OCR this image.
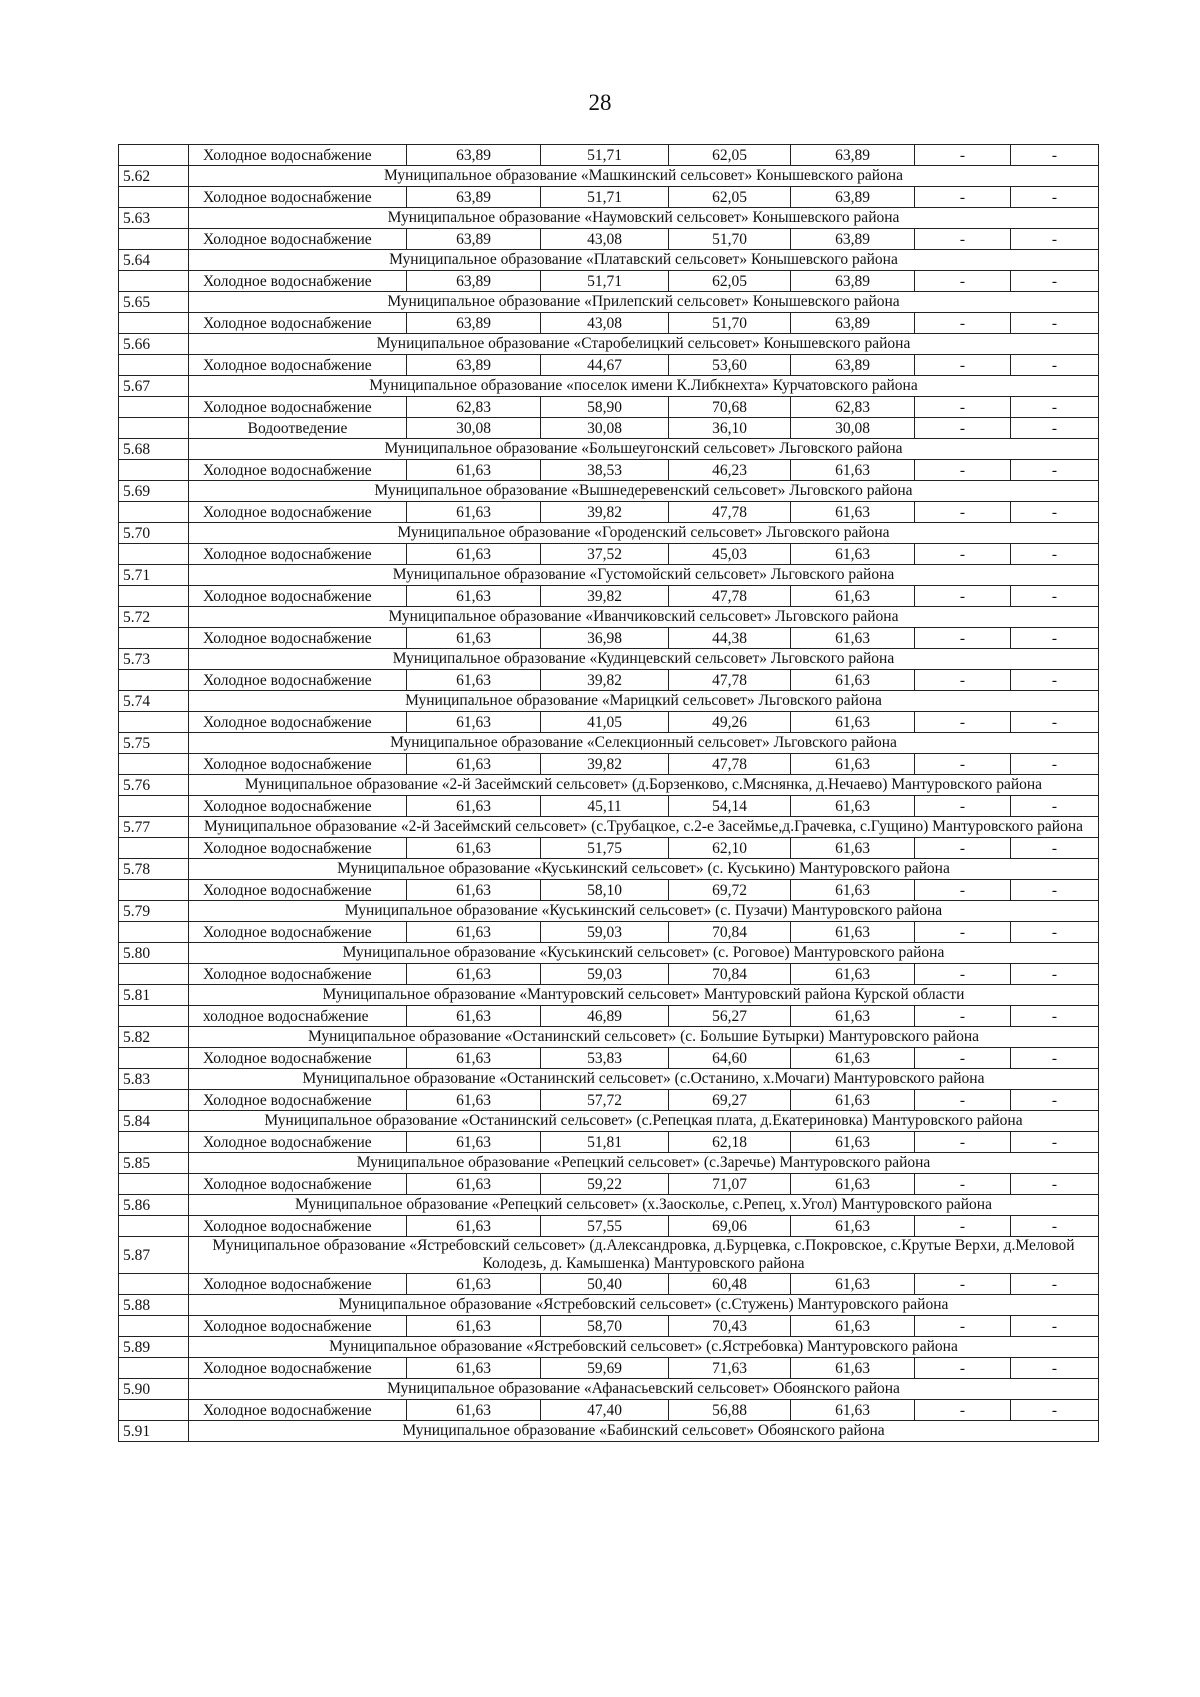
28
	Холодное водоснабжение	63,89	51,71	62,05	63,89	-	-
5.62	Муниципальное образование «Машкинский сельсовет» Конышевского района						
	Холодное водоснабжение	63,89	51,71	62,05	63,89	-	-
5.63	Муниципальное образование «Наумовский сельсовет» Конышевского района						
	Холодное водоснабжение	63,89	43,08	51,70	63,89	-	-
5.64	Муниципальное образование «Платавский сельсовет» Конышевского района						
	Холодное водоснабжение	63,89	51,71	62,05	63,89	-	-
5.65	Муниципальное образование «Прилепский сельсовет» Конышевского района						
	Холодное водоснабжение	63,89	43,08	51,70	63,89	-	-
5.66	Муниципальное образование «Старобелицкий сельсовет» Конышевского района						
	Холодное водоснабжение	63,89	44,67	53,60	63,89	-	-
5.67	Муниципальное образование «поселок имени К.Либкнехта» Курчатовского района						
	Холодное водоснабжение	62,83	58,90	70,68	62,83	-	-
	Водоотведение	30,08	30,08	36,10	30,08	-	-
5.68	Муниципальное образование «Большеугонский сельсовет» Льговского района						
	Холодное водоснабжение	61,63	38,53	46,23	61,63	-	-
5.69	Муниципальное образование «Вышнедеревенский сельсовет» Льговского района						
	Холодное водоснабжение	61,63	39,82	47,78	61,63	-	-
5.70	Муниципальное образование «Городенский сельсовет» Льговского района						
	Холодное водоснабжение	61,63	37,52	45,03	61,63	-	-
5.71	Муниципальное образование «Густомойский сельсовет» Льговского района						
	Холодное водоснабжение	61,63	39,82	47,78	61,63	-	-
5.72	Муниципальное образование «Иванчиковский сельсовет» Льговского района						
	Холодное водоснабжение	61,63	36,98	44,38	61,63	-	-
5.73	Муниципальное образование «Кудинцевский сельсовет» Льговского района						
	Холодное водоснабжение	61,63	39,82	47,78	61,63	-	-
5.74	Муниципальное образование «Марицкий сельсовет» Льговского района						
	Холодное водоснабжение	61,63	41,05	49,26	61,63	-	-
5.75	Муниципальное образование «Селекционный сельсовет» Льговского района						
	Холодное водоснабжение	61,63	39,82	47,78	61,63	-	-
5.76	Муниципальное образование «2-й Засеймский сельсовет» (д.Борзенково, с.Мяснянка, д.Нечаево) Мантуровского района						
	Холодное водоснабжение	61,63	45,11	54,14	61,63	-	-
5.77	Муниципальное образование «2-й Засеймский сельсовет» (с.Трубацкое, с.2-е Засеймье,д.Грачевка, с.Гущино) Мантуровского района						
	Холодное водоснабжение	61,63	51,75	62,10	61,63	-	-
5.78	Муниципальное образование «Куськинский сельсовет» (с. Куськино) Мантуровского района						
	Холодное водоснабжение	61,63	58,10	69,72	61,63	-	-
5.79	Муниципальное образование «Куськинский сельсовет» (с. Пузачи) Мантуровского района						
	Холодное водоснабжение	61,63	59,03	70,84	61,63	-	-
5.80	Муниципальное образование «Куськинский сельсовет» (с. Роговое) Мантуровского района						
	Холодное водоснабжение	61,63	59,03	70,84	61,63	-	-
5.81	Муниципальное образование «Мантуровский сельсовет» Мантуровский района Курской области						
	холодное водоснабжение	61,63	46,89	56,27	61,63	-	-
5.82	Муниципальное образование «Останинский сельсовет» (с. Большие Бутырки) Мантуровского района						
	Холодное водоснабжение	61,63	53,83	64,60	61,63	-	-
5.83	Муниципальное образование «Останинский сельсовет» (с.Останино, х.Мочаги) Мантуровского района						
	Холодное водоснабжение	61,63	57,72	69,27	61,63	-	-
5.84	Муниципальное образование «Останинский сельсовет» (с.Репецкая плата, д.Екатериновка) Мантуровского района						
	Холодное водоснабжение	61,63	51,81	62,18	61,63	-	-
5.85	Муниципальное образование «Репецкий сельсовет» (с.Заречье) Мантуровского района						
	Холодное водоснабжение	61,63	59,22	71,07	61,63	-	-
5.86	Муниципальное образование «Репецкий сельсовет» (х.Заосколье, с.Репец, х.Угол) Мантуровского района						
	Холодное водоснабжение	61,63	57,55	69,06	61,63	-	-
5.87	Муниципальное образование «Ястребовский сельсовет» (д.Александровка, д.Бурцевка, с.Покровское, с.Крутые Верхи, д.Меловой Колодезь, д. Камышенка) Мантуровского района						
	Холодное водоснабжение	61,63	50,40	60,48	61,63	-	-
5.88	Муниципальное образование «Ястребовский сельсовет» (с.Стужень) Мантуровского района						
	Холодное водоснабжение	61,63	58,70	70,43	61,63	-	-
5.89	Муниципальное образование «Ястребовский сельсовет» (с.Ястребовка) Мантуровского района						
	Холодное водоснабжение	61,63	59,69	71,63	61,63	-	-
5.90	Муниципальное образование «Афанасьевский сельсовет» Обоянского района						
	Холодное водоснабжение	61,63	47,40	56,88	61,63	-	-
5.91	Муниципальное образование «Бабинский сельсовет» Обоянского района						
